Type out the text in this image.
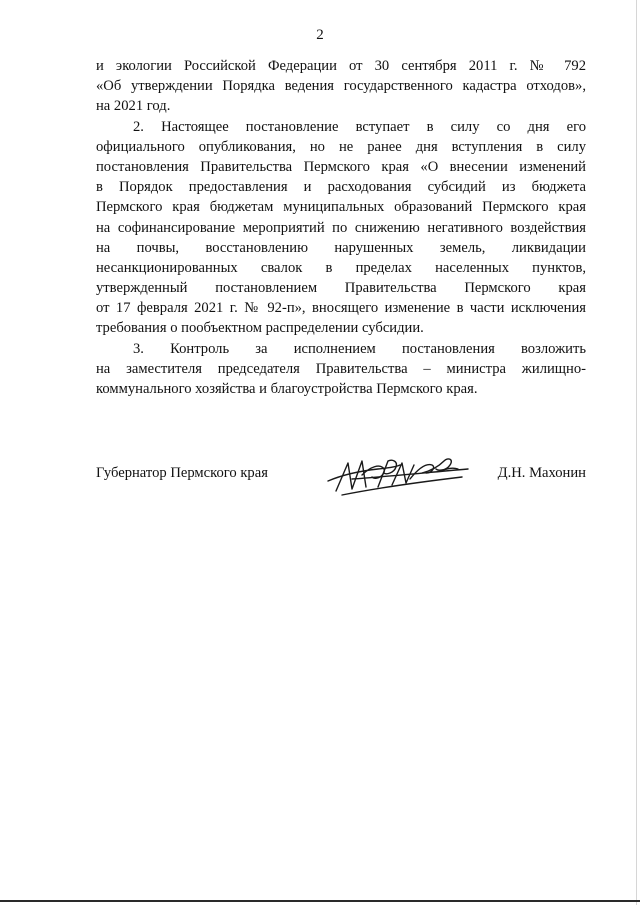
2
и экологии Российской Федерации от 30 сентября 2011 г. № 792
«Об утверждении Порядка ведения государственного кадастра отходов»,
на 2021 год.
2. Настоящее постановление вступает в силу со дня его
официального опубликования, но не ранее дня вступления в силу
постановления Правительства Пермского края «О внесении изменений
в Порядок предоставления и расходования субсидий из бюджета
Пермского края бюджетам муниципальных образований Пермского края
на софинансирование мероприятий по снижению негативного воздействия
на почвы, восстановлению нарушенных земель, ликвидации
несанкционированных свалок в пределах населенных пунктов,
утвержденный постановлением Правительства Пермского края
от 17 февраля 2021 г. № 92-п», вносящего изменение в части исключения
требования о пообъектном распределении субсидии.
3. Контроль за исполнением постановления возложить
на заместителя председателя Правительства – министра жилищно-
коммунального хозяйства и благоустройства Пермского края.
Губернатор Пермского края	Д.Н. Махонин
